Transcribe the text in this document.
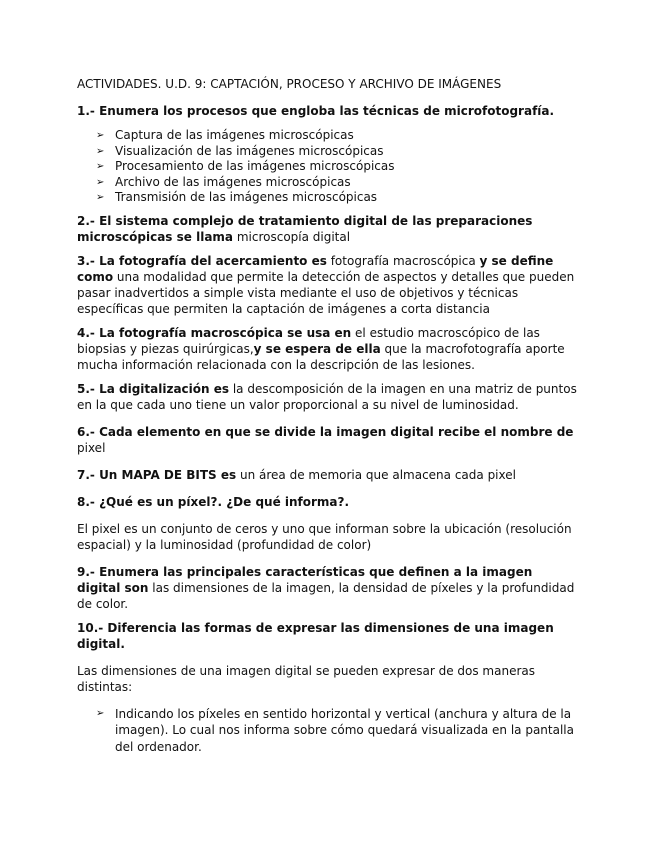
ACTIVIDADES. U.D. 9: CAPTACIÓN, PROCESO Y ARCHIVO DE IMÁGENES

1.- Enumera los procesos que engloba las técnicas de microfotografía.

➢ Captura de las imágenes microscópicas
➢ Visualización de las imágenes microscópicas
➢ Procesamiento de las imágenes microscópicas
➢ Archivo de las imágenes microscópicas
➢ Transmisión de las imágenes microscópicas

2.- El sistema complejo de tratamiento digital de las preparaciones microscópicas se llama microscopía digital

3.- La fotografía del acercamiento es fotografía macroscópica y se define como una modalidad que permite la detección de aspectos y detalles que pueden pasar inadvertidos a simple vista mediante el uso de objetivos y técnicas específicas que permiten la captación de imágenes a corta distancia

4.- La fotografía macroscópica se usa en el estudio macroscópico de las biopsias y piezas quirúrgicas,y se espera de ella que la macrofotografía aporte mucha información relacionada con la descripción de las lesiones.

5.- La digitalización es la descomposición de la imagen en una matriz de puntos en la que cada uno tiene un valor proporcional a su nivel de luminosidad.

6.- Cada elemento en que se divide la imagen digital recibe el nombre de pixel

7.- Un MAPA DE BITS es un área de memoria que almacena cada pixel

8.- ¿Qué es un píxel?. ¿De qué informa?.

El pixel es un conjunto de ceros y uno que informan sobre la ubicación (resolución espacial) y la luminosidad (profundidad de color)

9.- Enumera las principales características que definen a la imagen digital son las dimensiones de la imagen, la densidad de píxeles y la profundidad de color.

10.- Diferencia las formas de expresar las dimensiones de una imagen digital.

Las dimensiones de una imagen digital se pueden expresar de dos maneras distintas:

➢ Indicando los píxeles en sentido horizontal y vertical (anchura y altura de la imagen). Lo cual nos informa sobre cómo quedará visualizada en la pantalla del ordenador.
